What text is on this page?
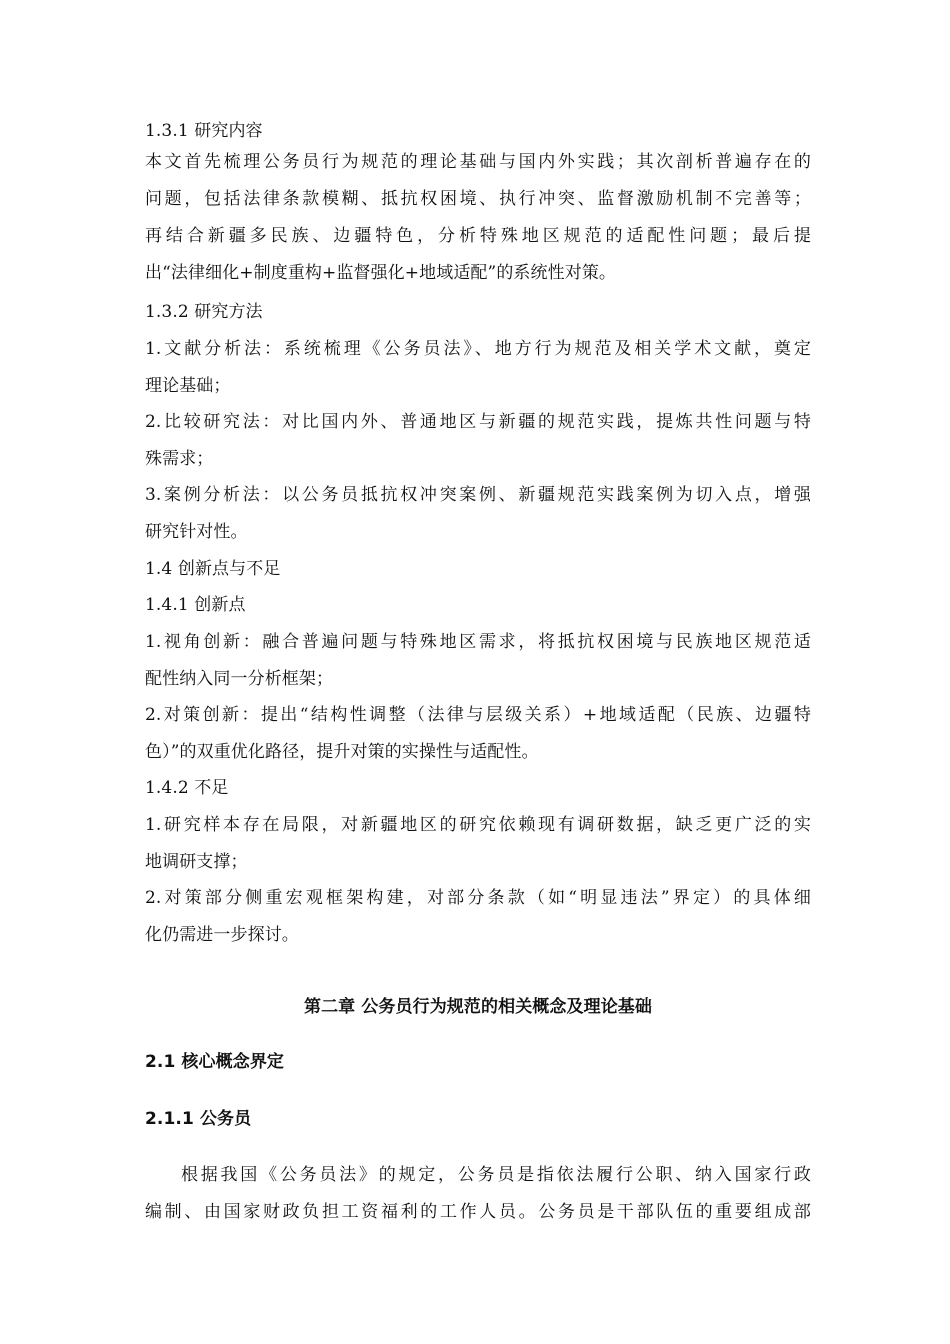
1.3.1 研究内容
本文首先梳理公务员行为规范的理论基础与国内外实践；其次剖析普遍存在的
问题，包括法律条款模糊、抵抗权困境、执行冲突、监督激励机制不完善等；
再结合新疆多民族、边疆特色，分析特殊地区规范的适配性问题；最后提
出“法律细化+制度重构+监督强化+地域适配”的系统性对策。
1.3.2 研究方法
1.文献分析法：系统梳理《公务员法》、地方行为规范及相关学术文献，奠定
理论基础；
2.比较研究法：对比国内外、普通地区与新疆的规范实践，提炼共性问题与特
殊需求；
3.案例分析法：以公务员抵抗权冲突案例、新疆规范实践案例为切入点，增强
研究针对性。
1.4 创新点与不足
1.4.1 创新点
1.视角创新：融合普遍问题与特殊地区需求，将抵抗权困境与民族地区规范适
配性纳入同一分析框架；
2.对策创新：提出“结构性调整（法律与层级关系）+地域适配（民族、边疆特
色）”的双重优化路径，提升对策的实操性与适配性。
1.4.2 不足
1.研究样本存在局限，对新疆地区的研究依赖现有调研数据，缺乏更广泛的实
地调研支撑；
2.对策部分侧重宏观框架构建，对部分条款（如“明显违法”界定）的具体细
化仍需进一步探讨。
第二章 公务员行为规范的相关概念及理论基础
2.1 核心概念界定
2.1.1 公务员
根据我国《公务员法》的规定，公务员是指依法履行公职、纳入国家行政
编制、由国家财政负担工资福利的工作人员。公务员是干部队伍的重要组成部
